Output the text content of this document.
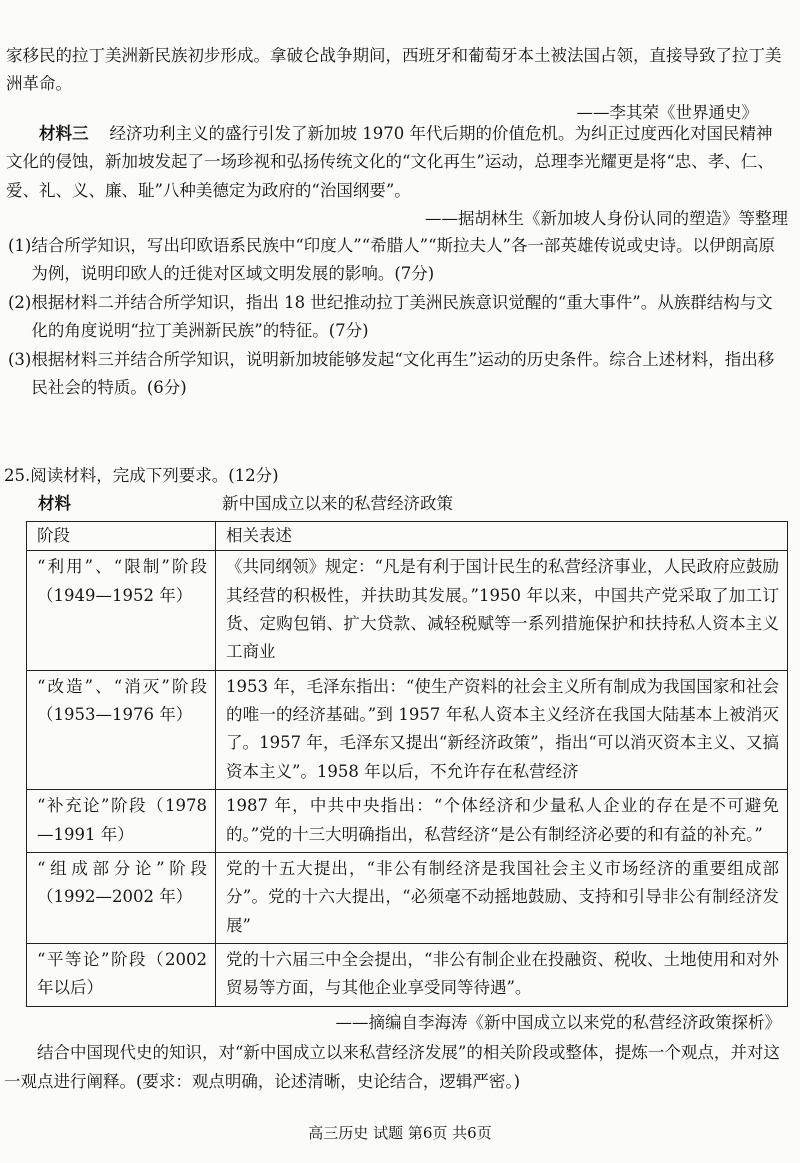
家移民的拉丁美洲新民族初步形成。拿破仑战争期间，西班牙和葡萄牙本土被法国占领，直接导致了拉丁美洲革命。

——李其荣《世界通史》

材料三 经济功利主义的盛行引发了新加坡 1970 年代后期的价值危机。为纠正过度西化对国民精神文化的侵蚀，新加坡发起了一场珍视和弘扬传统文化的“文化再生”运动，总理李光耀更是将“忠、孝、仁、爱、礼、义、廉、耻”八种美德定为政府的“治国纲要”。

——据胡林生《新加坡人身份认同的塑造》等整理

(1) 结合所学知识，写出印欧语系民族中“印度人”“希腊人”“斯拉夫人”各一部英雄传说或史诗。以伊朗高原为例，说明印欧人的迁徙对区域文明发展的影响。(7分)
(2) 根据材料二并结合所学知识，指出 18 世纪推动拉丁美洲民族意识觉醒的“重大事件”。从族群结构与文化的角度说明“拉丁美洲新民族”的特征。(7分)
(3) 根据材料三并结合所学知识，说明新加坡能够发起“文化再生”运动的历史条件。综合上述材料，指出移民社会的特质。(6分)

25.阅读材料，完成下列要求。(12分)

材料	新中国成立以来的私营经济政策
阶段	相关表述
“利用”、“限制”阶段（1949—1952 年）	《共同纲领》规定：“凡是有利于国计民生的私营经济事业，人民政府应鼓励其经营的积极性，并扶助其发展。”1950 年以来，中国共产党采取了加工订货、定购包销、扩大贷款、减轻税赋等一系列措施保护和扶持私人资本主义工商业
“改造”、“消灭”阶段（1953—1976 年）	1953 年，毛泽东指出：“使生产资料的社会主义所有制成为我国国家和社会的唯一的经济基础。”到 1957 年私人资本主义经济在我国大陆基本上被消灭了。1957 年，毛泽东又提出“新经济政策”，指出“可以消灭资本主义、又搞资本主义”。1958 年以后，不允许存在私营经济
“补充论”阶段（1978—1991 年）	1987 年，中共中央指出：“个体经济和少量私人企业的存在是不可避免的。”党的十三大明确指出，私营经济“是公有制经济必要的和有益的补充。”
“组成部分论”阶段（1992—2002 年）	党的十五大提出，“非公有制经济是我国社会主义市场经济的重要组成部分”。党的十六大提出，“必须毫不动摇地鼓励、支持和引导非公有制经济发展”
“平等论”阶段（2002 年以后）	党的十六届三中全会提出，“非公有制企业在投融资、税收、土地使用和对外贸易等方面，与其他企业享受同等待遇”。

——摘编自李海涛《新中国成立以来党的私营经济政策探析》

结合中国现代史的知识，对“新中国成立以来私营经济发展”的相关阶段或整体，提炼一个观点，并对这一观点进行阐释。(要求：观点明确，论述清晰，史论结合，逻辑严密。)

高三历史 试题 第6页 共6页
